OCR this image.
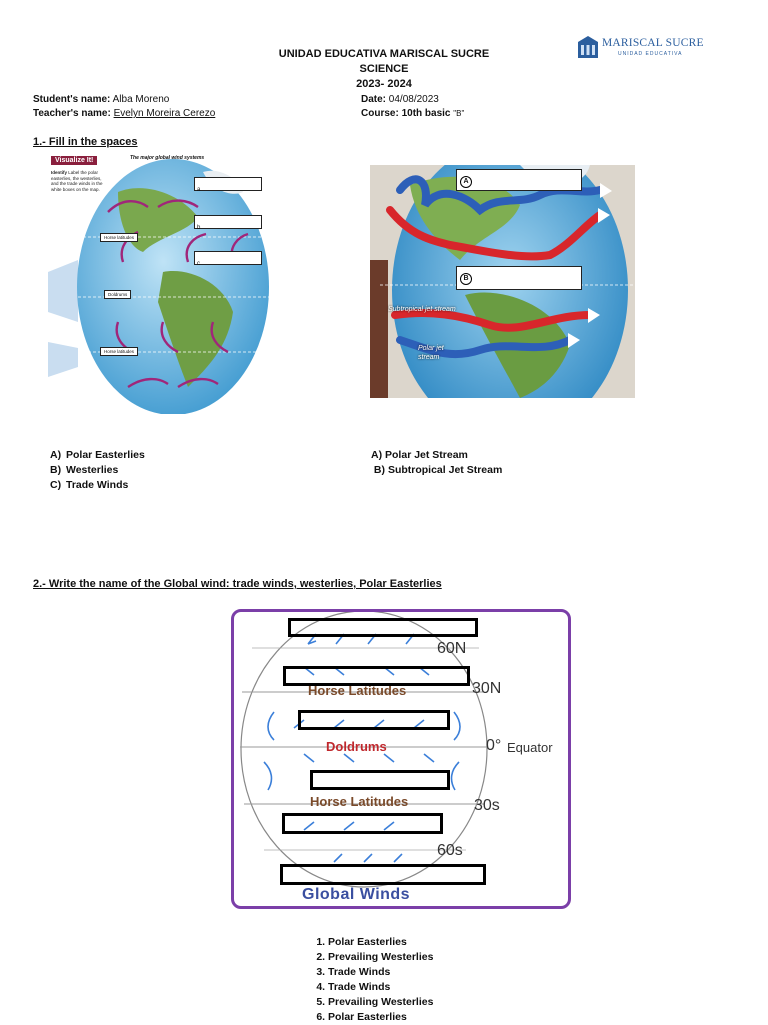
UNIDAD EDUCATIVA MARISCAL SUCRE
SCIENCE
2023- 2024
MARISCAL SUCRE
UNIDAD EDUCATIVA
Student's name: Alba Moreno
Teacher's name: Evelyn Moreira Cerezo
Date: 04/08/2023
Course: 10th basic "B"
1.- Fill in the spaces
Visualize It!
Identify Label the polar easterlies, the westerlies, and the trade winds in the white boxes on the map.
The major global wind systems
a
b
c
Horse latitudes
Doldrums
Horse latitudes
A
B
Subtropical jet stream
Polar jet stream
A) Polar Easterlies
B) Westerlies
C) Trade Winds
A) Polar Jet Stream
B) Subtropical Jet Stream
2.- Write the name of the Global wind: trade winds, westerlies, Polar Easterlies
60N
30N
0° Equator
30s
60s
Horse Latitudes
Doldrums
Horse Latitudes
Global Winds
1. Polar Easterlies
2. Prevailing Westerlies
3. Trade Winds
4. Trade Winds
5. Prevailing Westerlies
6. Polar Easterlies
